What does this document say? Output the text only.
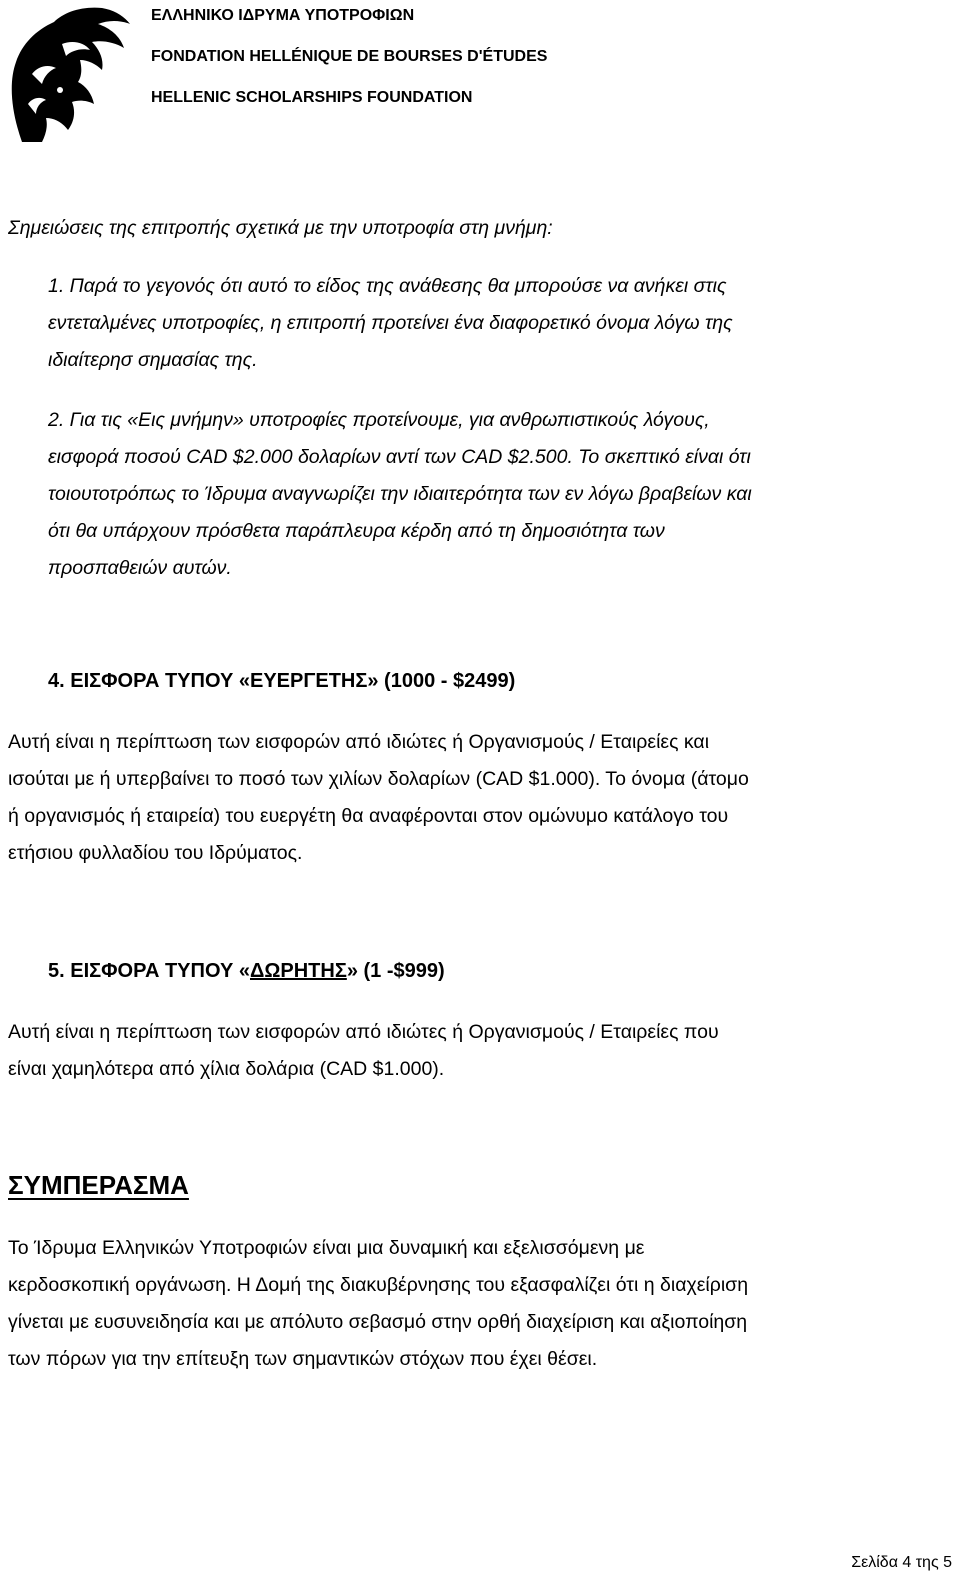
ΕΛΛΗΝΙΚΟ ΙΔΡΥΜΑ ΥΠΟΤΡΟΦΙΩΝ
FONDATION HELLÉNIQUE DE BOURSES D'ÉTUDES
HELLENIC SCHOLARSHIPS FOUNDATION
Σημειώσεις της επιτροπής σχετικά με την υποτροφία στη μνήμη:
1. Παρά το γεγονός ότι αυτό το είδος της ανάθεσης θα μπορούσε να ανήκει στις
εντεταλμένες υποτροφίες, η επιτροπή προτείνει ένα διαφορετικό όνομα λόγω της
ιδιαίτερησ σημασίας της.
2. Για τις «Εις μνήμην» υποτροφίες προτείνουμε, για ανθρωπιστικούς λόγους,
εισφορά ποσού CAD $2.000 δολαρίων αντί των CAD $2.500. Το σκεπτικό είναι ότι
τοιουτοτρόπως το Ίδρυμα αναγνωρίζει την ιδιαιτερότητα των εν λόγω βραβείων και
ότι θα υπάρχουν πρόσθετα παράπλευρα κέρδη από τη δημοσιότητα των
προσπαθειών αυτών.
4. ΕΙΣΦΟΡΑ ΤΥΠΟΥ «ΕΥΕΡΓΕΤΗΣ» (1000 - $2499)
Αυτή είναι η περίπτωση των εισφορών από ιδιώτες ή Οργανισμούς / Εταιρείες και
ισούται με ή υπερβαίνει το ποσό των χιλίων δολαρίων (CAD $1.000). Το όνομα (άτομο
ή οργανισμός ή εταιρεία) του ευεργέτη θα αναφέρονται στον ομώνυμο κατάλογο του
ετήσιου φυλλαδίου του Ιδρύματος.
5. ΕΙΣΦΟΡΑ ΤΥΠΟΥ «ΔΩΡΗΤΗΣ» (1 -$999)
Αυτή είναι η περίπτωση των εισφορών από ιδιώτες ή Οργανισμούς / Εταιρείες που
είναι χαμηλότερα από χίλια δολάρια (CAD $1.000).
ΣΥΜΠΕΡΑΣΜΑ
Το Ίδρυμα Ελληνικών Υποτροφιών είναι μια δυναμική και εξελισσόμενη με
κερδοσκοπική οργάνωση. Η Δομή της διακυβέρνησης του εξασφαλίζει ότι η διαχείριση
γίνεται με ευσυνειδησία και με απόλυτο σεβασμό στην ορθή διαχείριση και αξιοποίηση
των πόρων για την επίτευξη των σημαντικών στόχων που έχει θέσει.
Σελίδα 4 της 5
